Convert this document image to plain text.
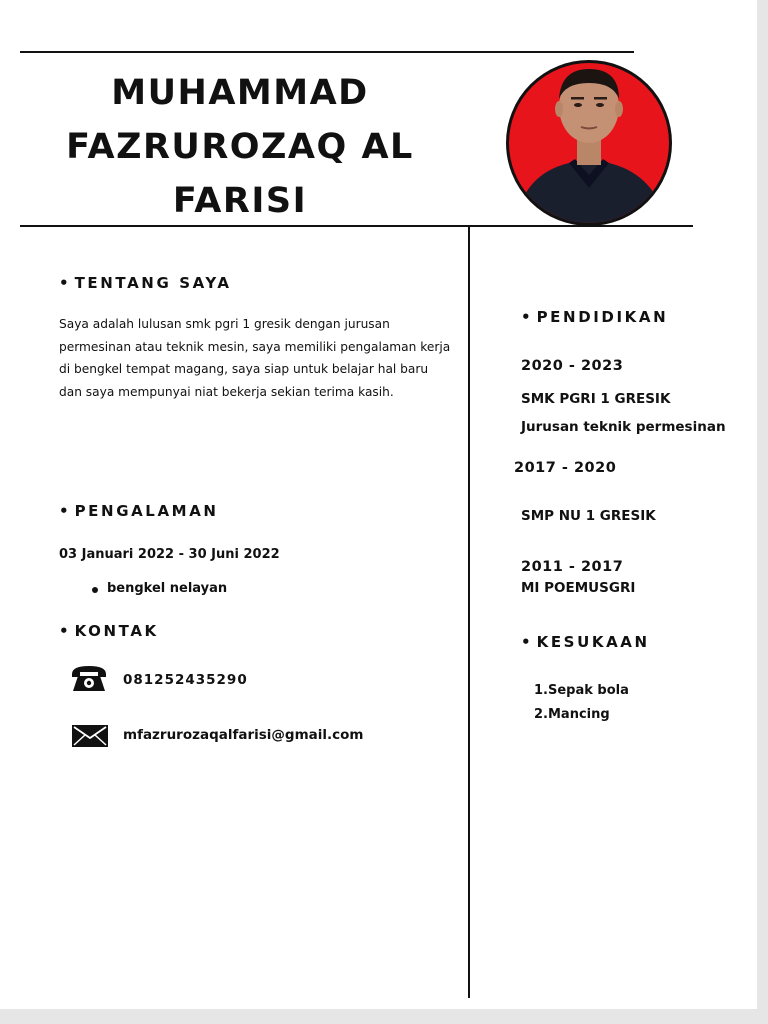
MUHAMMAD
FAZRUROZAQ AL
FARISI
• TENTANG SAYA
Saya adalah lulusan smk pgri 1 gresik dengan jurusan permesinan atau teknik mesin, saya memiliki pengalaman kerja di bengkel tempat magang, saya siap untuk belajar hal baru dan saya mempunyai niat bekerja sekian terima kasih.
• PENGALAMAN
03 Januari 2022 - 30 Juni 2022
bengkel nelayan
• KONTAK
081252435290
mfazrurozaqalfarisi@gmail.com
• PENDIDIKAN
2020 - 2023
SMK PGRI 1 GRESIK
Jurusan teknik permesinan
2017 - 2020
SMP NU 1 GRESIK
2011 - 2017
MI POEMUSGRI
• KESUKAAN
1.Sepak bola
2.Mancing
